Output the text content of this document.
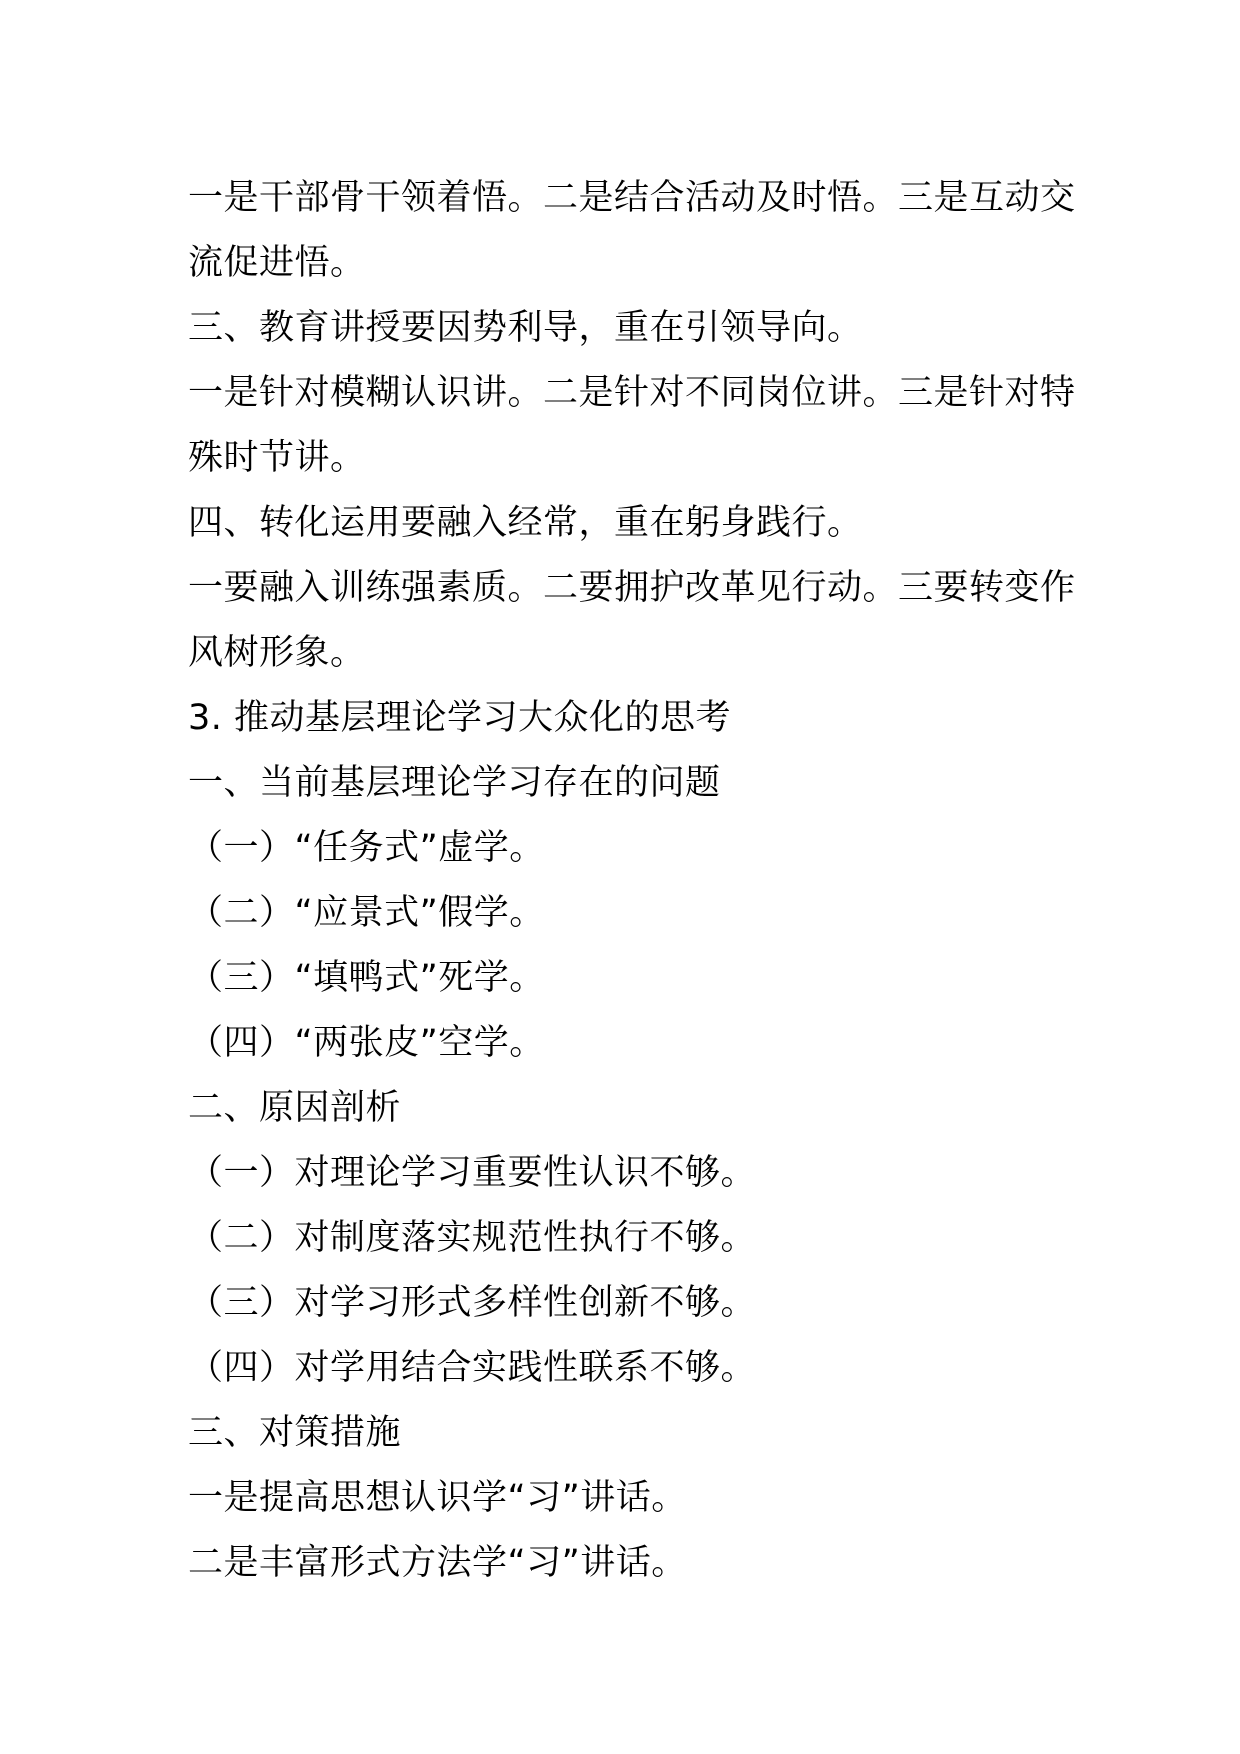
一是干部骨干领着悟。二是结合活动及时悟。三是互动交
流促进悟。
三、教育讲授要因势利导，重在引领导向。
一是针对模糊认识讲。二是针对不同岗位讲。三是针对特
殊时节讲。
四、转化运用要融入经常，重在躬身践行。
一要融入训练强素质。二要拥护改革见行动。三要转变作
风树形象。
3. 推动基层理论学习大众化的思考
一、当前基层理论学习存在的问题
（一）“任务式”虚学。
（二）“应景式”假学。
（三）“填鸭式”死学。
（四）“两张皮”空学。
二、原因剖析
（一）对理论学习重要性认识不够。
（二）对制度落实规范性执行不够。
（三）对学习形式多样性创新不够。
（四）对学用结合实践性联系不够。
三、对策措施
一是提高思想认识学“习”讲话。
二是丰富形式方法学“习”讲话。
